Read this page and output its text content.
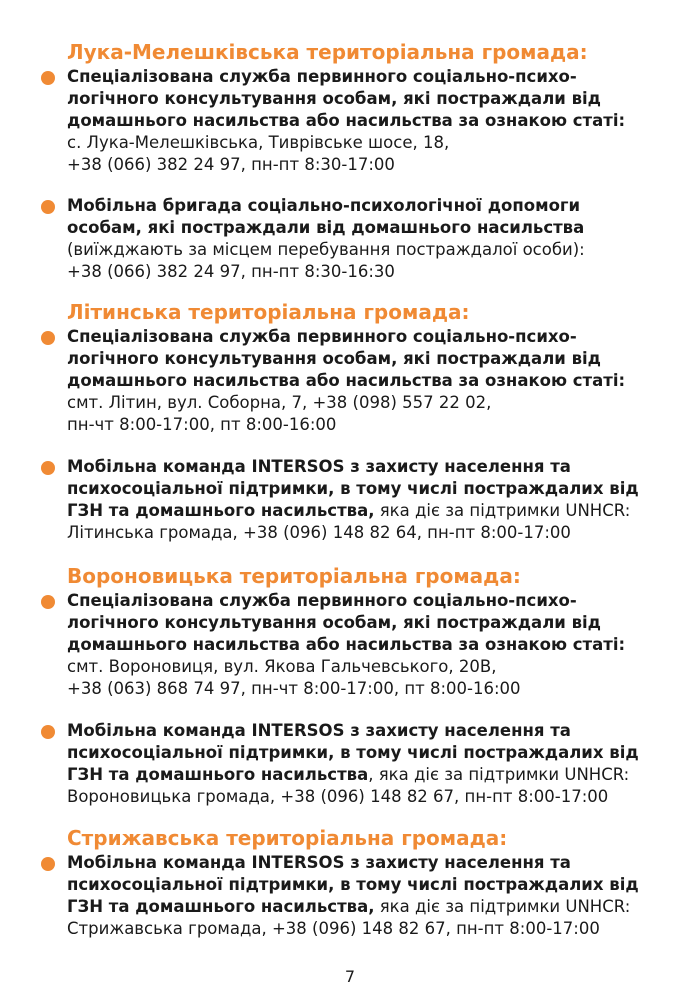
Лука-Мелешківська територіальна громада:
Спеціалізована служба первинного соціально-психо-
логічного консультування особам, які постраждали від
домашнього насильства або насильства за ознакою статі:
с. Лука-Мелешківська, Тиврівське шосе, 18,
+38 (066) 382 24 97, пн-пт 8:30-17:00
Мобільна бригада соціально-психологічної допомоги
особам, які постраждали від домашнього насильства
(виїжджають за місцем перебування постраждалої особи):
+38 (066) 382 24 97, пн-пт 8:30-16:30
Літинська територіальна громада:
Спеціалізована служба первинного соціально-психо-
логічного консультування особам, які постраждали від
домашнього насильства або насильства за ознакою статі:
смт. Літин, вул. Соборна, 7, +38 (098) 557 22 02,
пн-чт 8:00-17:00, пт 8:00-16:00
Мобільна команда INTERSOS з захисту населення та
психосоціальної підтримки, в тому числі постраждалих від
ГЗН та домашнього насильства, яка діє за підтримки UNHCR:
Літинська громада, +38 (096) 148 82 64, пн-пт 8:00-17:00
Вороновицька територіальна громада:
Спеціалізована служба первинного соціально-психо-
логічного консультування особам, які постраждали від
домашнього насильства або насильства за ознакою статі:
смт. Вороновиця, вул. Якова Гальчевського, 20В,
+38 (063) 868 74 97, пн-чт 8:00-17:00, пт 8:00-16:00
Мобільна команда INTERSOS з захисту населення та
психосоціальної підтримки, в тому числі постраждалих від
ГЗН та домашнього насильства, яка діє за підтримки UNHCR:
Вороновицька громада, +38 (096) 148 82 67, пн-пт 8:00-17:00
Стрижавська територіальна громада:
Мобільна команда INTERSOS з захисту населення та
психосоціальної підтримки, в тому числі постраждалих від
ГЗН та домашнього насильства, яка діє за підтримки UNHCR:
Стрижавська громада, +38 (096) 148 82 67, пн-пт 8:00-17:00
7
